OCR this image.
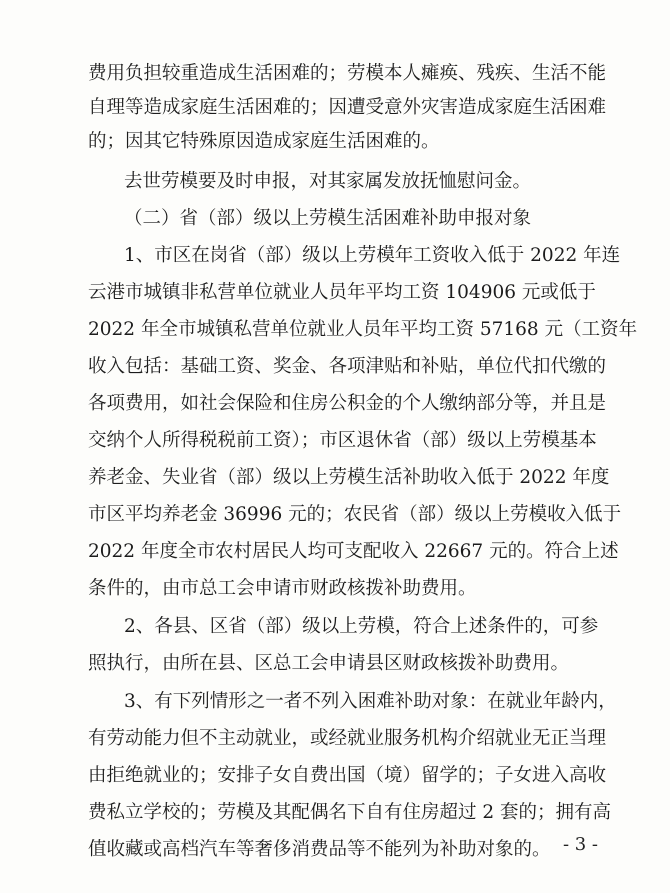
费用负担较重造成生活困难的；劳模本人瘫痪、残疾、生活不能
自理等造成家庭生活困难的；因遭受意外灾害造成家庭生活困难
的；因其它特殊原因造成家庭生活困难的。
去世劳模要及时申报，对其家属发放抚恤慰问金。
（二）省（部）级以上劳模生活困难补助申报对象
1、市区在岗省（部）级以上劳模年工资收入低于 2022 年连
云港市城镇非私营单位就业人员年平均工资 104906 元或低于
2022 年全市城镇私营单位就业人员年平均工资 57168 元（工资年
收入包括：基础工资、奖金、各项津贴和补贴，单位代扣代缴的
各项费用，如社会保险和住房公积金的个人缴纳部分等，并且是
交纳个人所得税税前工资）；市区退休省（部）级以上劳模基本
养老金、失业省（部）级以上劳模生活补助收入低于 2022 年度
市区平均养老金 36996 元的；农民省（部）级以上劳模收入低于
2022 年度全市农村居民人均可支配收入 22667 元的。符合上述
条件的，由市总工会申请市财政核拨补助费用。
2、各县、区省（部）级以上劳模，符合上述条件的，可参
照执行，由所在县、区总工会申请县区财政核拨补助费用。
3、有下列情形之一者不列入困难补助对象：在就业年龄内，
有劳动能力但不主动就业，或经就业服务机构介绍就业无正当理
由拒绝就业的；安排子女自费出国（境）留学的；子女进入高收
费私立学校的；劳模及其配偶名下自有住房超过 2 套的；拥有高
值收藏或高档汽车等奢侈消费品等不能列为补助对象的。 - 3 -
